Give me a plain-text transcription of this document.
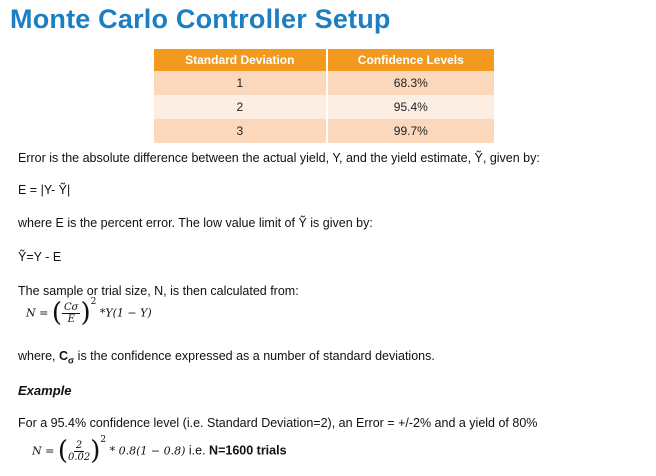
Monte Carlo Controller Setup
Standard Deviation	Confidence Levels
1	68.3%
2	95.4%
3	99.7%
Error is the absolute difference between the actual yield, Y, and the yield estimate, Ỹ, given by:
E = |Y- Ỹ|
where E is the percent error. The low value limit of Ỹ is given by:
Ỹ=Y - E
The sample or trial size, N, is then calculated from:
N = ( $\frac{C\sigma}{E} )^2$ *Y(1 − Y)
where, $C_\sigma$ is the confidence expressed as a number of standard deviations.
Example
For a 95.4% confidence level (i.e. Standard Deviation=2), an Error = +/-2% and a yield of 80%
N = ( $\frac{2}{0.02} )^2 * 0.8(1 - 0.8)$ i.e. N=1600 trials
